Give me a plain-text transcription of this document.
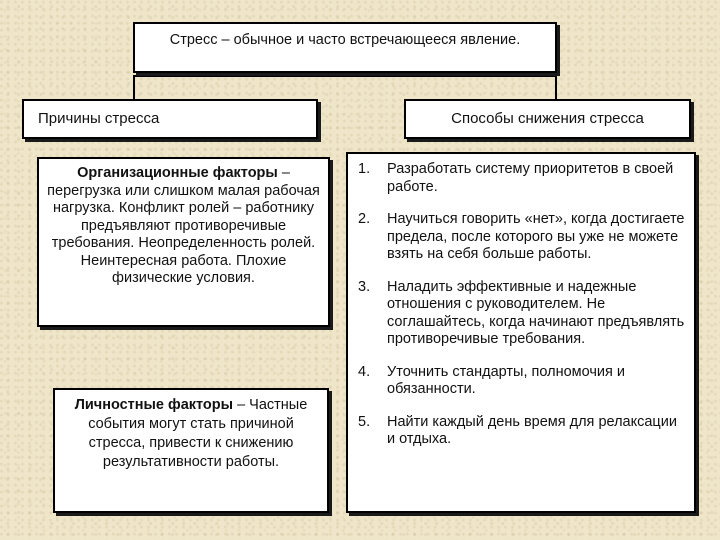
Стресс – обычное и часто встречающееся явление.
Причины стресса	Способы снижения стресса
Организационные факторы – перегрузка или слишком малая рабочая нагрузка. Конфликт ролей – работнику предъявляют противоречивые требования. Неопределенность ролей. Неинтересная работа. Плохие физические условия.
Личностные факторы – Частные события могут стать причиной стресса, привести к снижению результативности работы.
1.	Разработать систему приоритетов в своей работе.
2.	Научиться говорить «нет», когда достигаете предела, после которого вы уже не можете взять на себя больше работы.
3.	Наладить эффективные и надежные отношения с руководителем. Не соглашайтесь, когда начинают предъявлять противоречивые требования.
4.	Уточнить стандарты, полномочия и обязанности.
5.	Найти каждый день время для релаксации и отдыха.
